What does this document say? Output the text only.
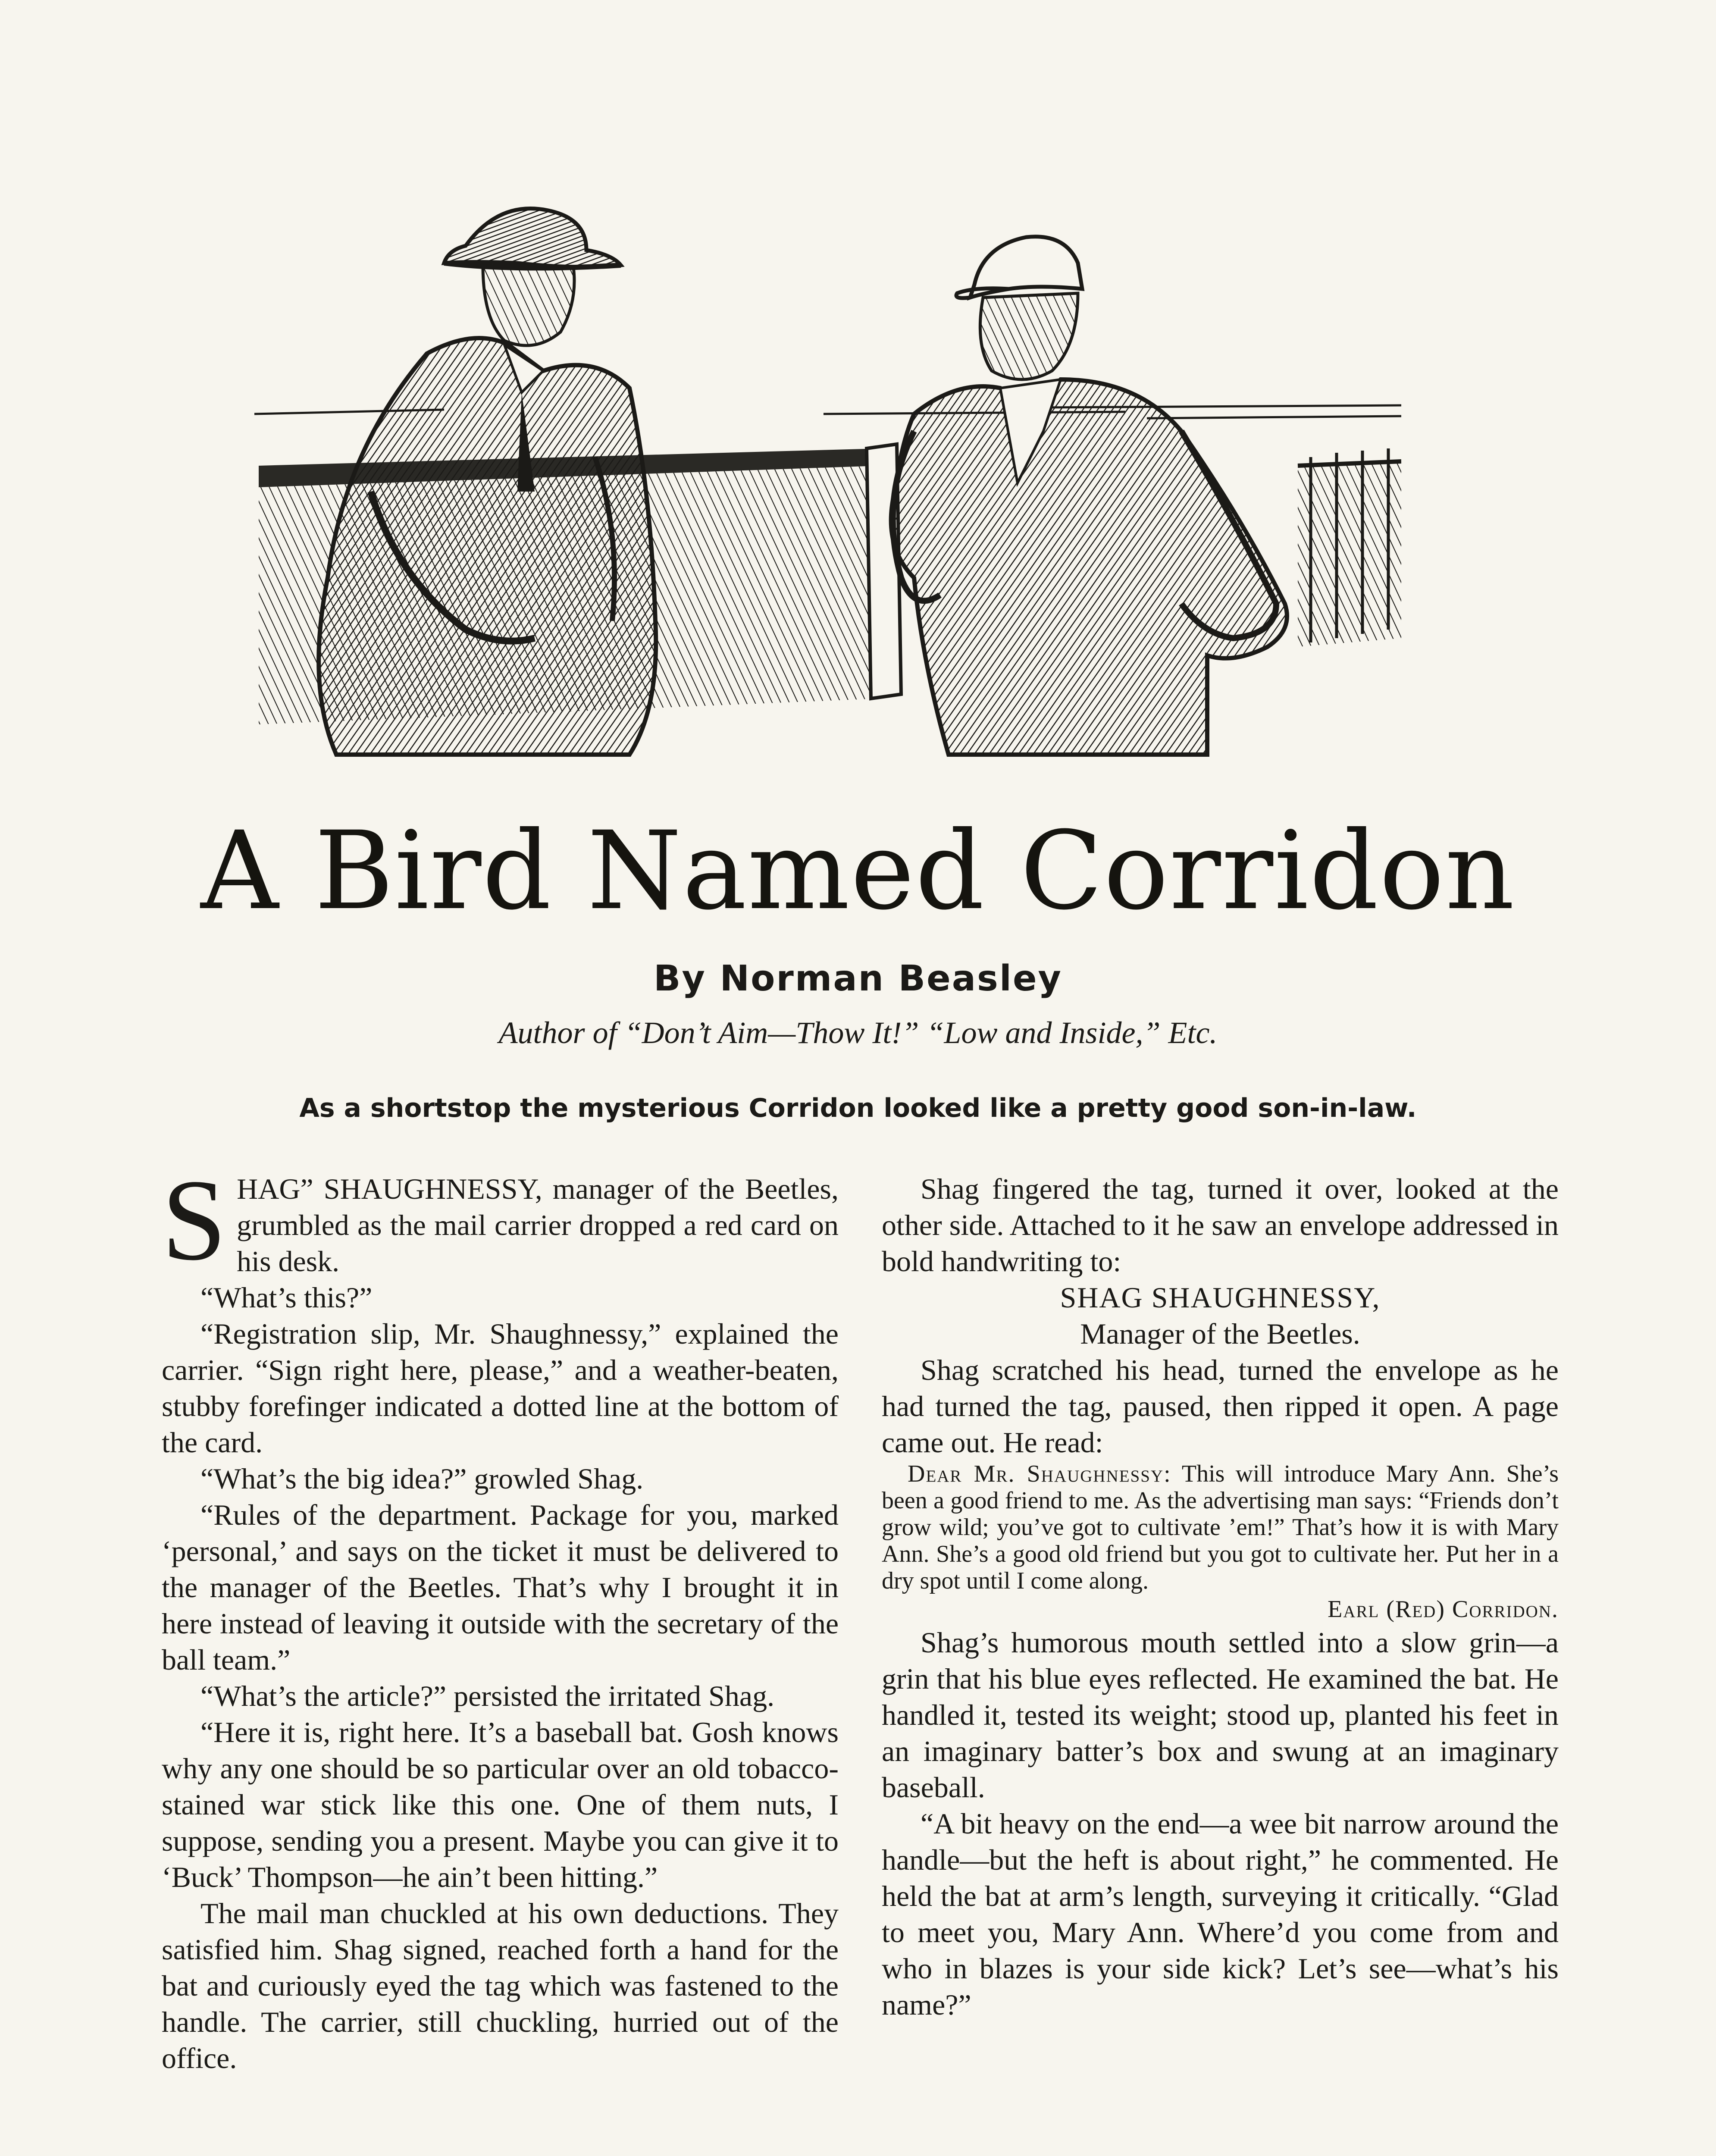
A Bird Named Corridon
By Norman Beasley
Author of “Don’t Aim—Thow It!” “Low and Inside,” Etc.
As a shortstop the mysterious Corridon looked like a pretty good son-in-law.

SHAG” SHAUGHNESSY, manager of the Beetles, grumbled as the mail carrier dropped a red card on his desk.

“What’s this?”

“Registration slip, Mr. Shaughnessy,” explained the carrier. “Sign right here, please,” and a weather-beaten, stubby forefinger indicated a dotted line at the bottom of the card.

“What’s the big idea?” growled Shag.

“Rules of the department. Package for you, marked ‘personal,’ and says on the ticket it must be delivered to the manager of the Beetles. That’s why I brought it in here instead of leaving it outside with the secretary of the ball team.”

“What’s the article?” persisted the irritated Shag.

“Here it is, right here. It’s a baseball bat. Gosh knows why any one should be so particular over an old tobacco-stained war stick like this one. One of them nuts, I suppose, sending you a present. Maybe you can give it to ‘Buck’ Thompson—he ain’t been hitting.”

The mail man chuckled at his own deductions. They satisfied him. Shag signed, reached forth a hand for the bat and curiously eyed the tag which was fastened to the handle. The carrier, still chuckling, hurried out of the office.

Shag fingered the tag, turned it over, looked at the other side. Attached to it he saw an envelope addressed in bold handwriting to:

SHAG SHAUGHNESSY,

Manager of the Beetles.

Shag scratched his head, turned the envelope as he had turned the tag, paused, then ripped it open. A page came out. He read:

Dear Mr. Shaughnessy: This will introduce Mary Ann. She’s been a good friend to me. As the advertising man says: “Friends don’t grow wild; you’ve got to cultivate ’em!” That’s how it is with Mary Ann. She’s a good old friend but you got to cultivate her. Put her in a dry spot until I come along.

Earl (Red) Corridon.

Shag’s humorous mouth settled into a slow grin—a grin that his blue eyes reflected. He examined the bat. He handled it, tested its weight; stood up, planted his feet in an imaginary batter’s box and swung at an imaginary baseball.

“A bit heavy on the end—a wee bit narrow around the handle—but the heft is about right,” he commented. He held the bat at arm’s length, surveying it critically. “Glad to meet you, Mary Ann. Where’d you come from and who in blazes is your side kick? Let’s see—what’s his name?”
